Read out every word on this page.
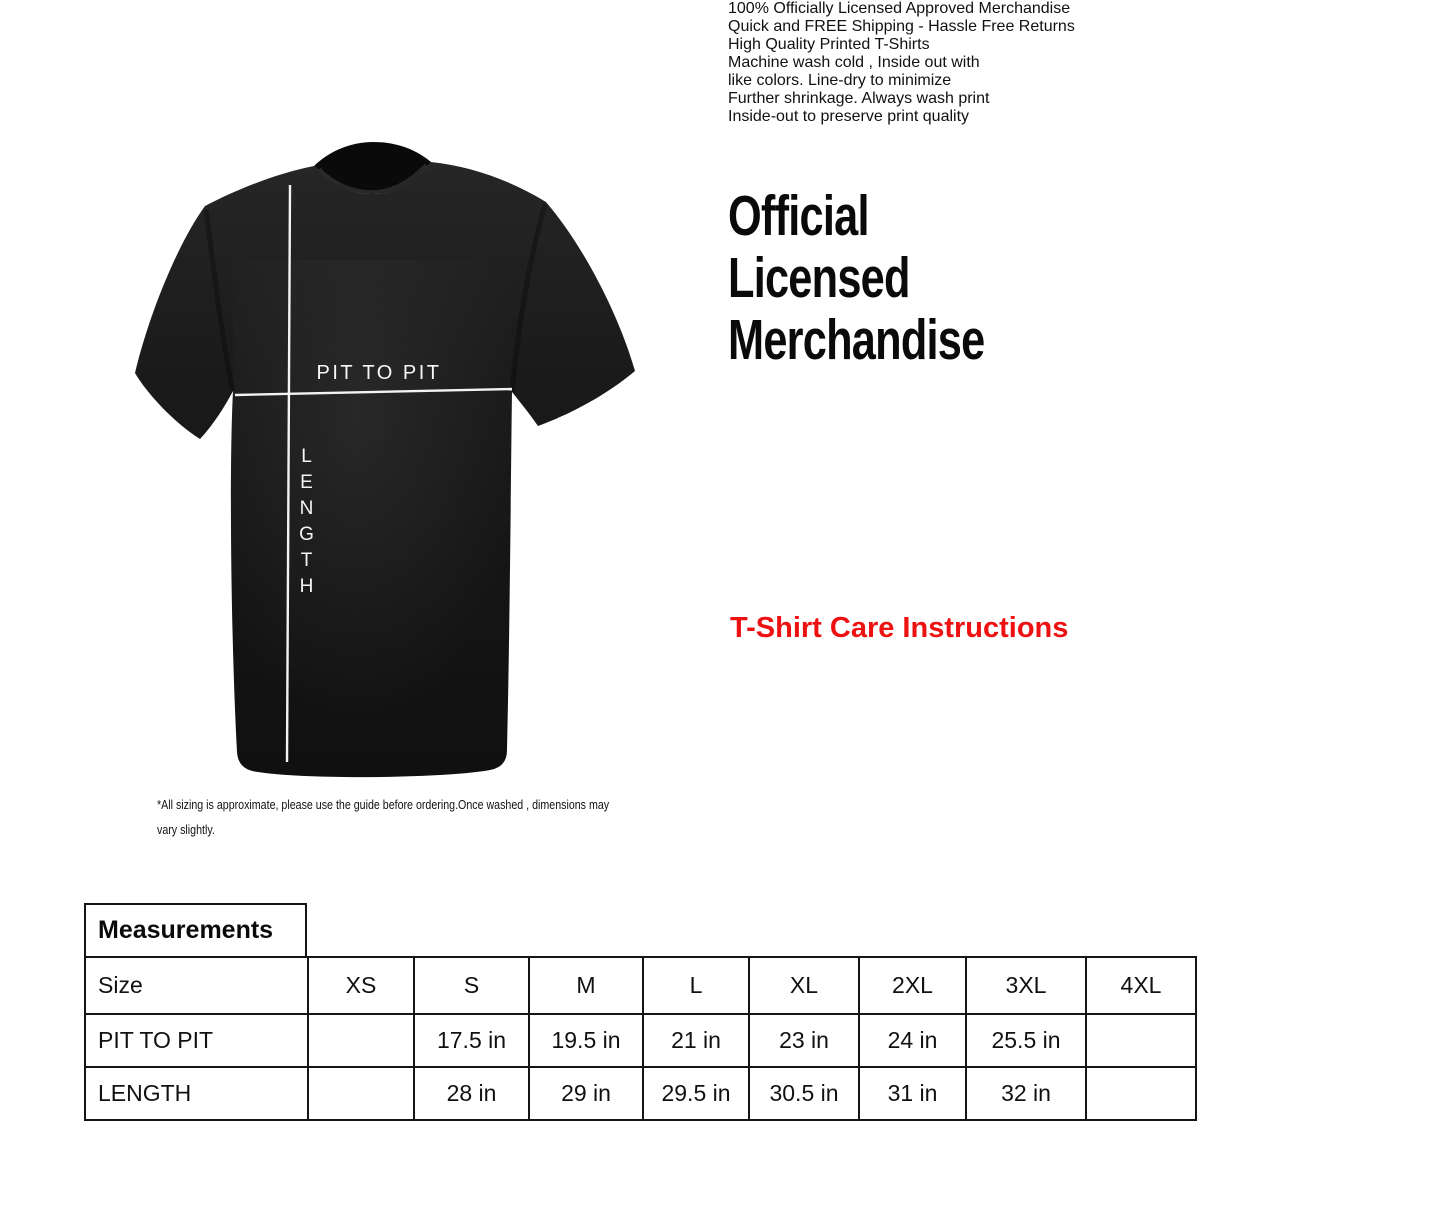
PIT TO PIT
LENGTH
*All sizing is approximate, please use the guide before ordering.Once washed , dimensions may
vary slightly.
Official
Licensed
Merchandise

100% Officially Licensed Approved Merchandise
Quick and FREE Shipping - Hassle Free Returns
High Quality Printed T-Shirts

T-Shirt Care Instructions

Machine wash cold , Inside out with
like colors. Line-dry to minimize
Further shrinkage. Always wash print
Inside-out to preserve print quality

Measurements
Size	XS	S	M	L	XL	2XL	3XL	4XL
PIT TO PIT		17.5 in	19.5 in	21 in	23 in	24 in	25.5 in	
LENGTH		28 in	29 in	29.5 in	30.5 in	31 in	32 in	
